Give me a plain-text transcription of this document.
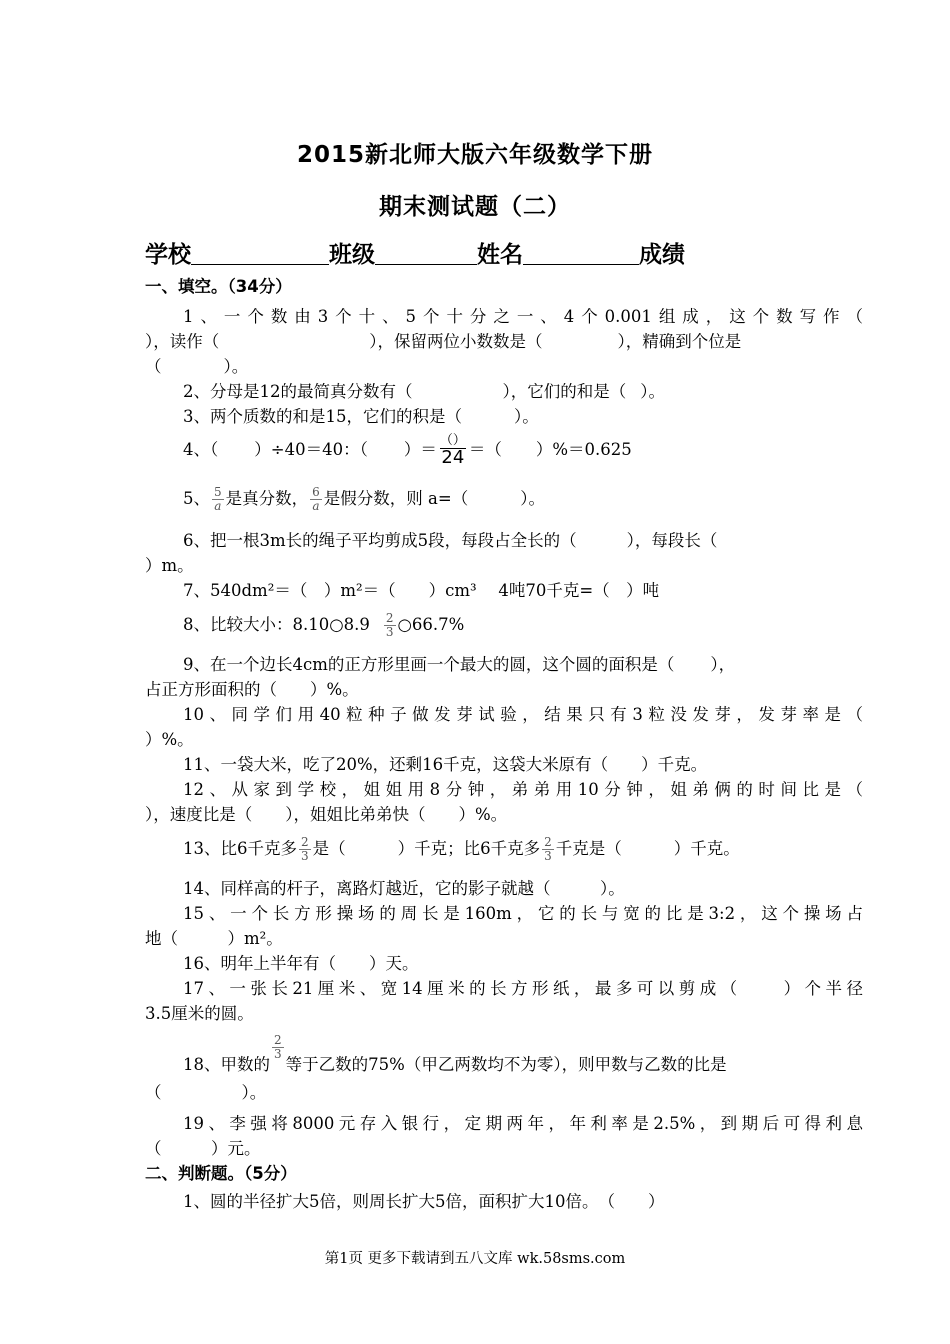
2015新北师大版六年级数学下册
期末测试题（二）
学校	班级	姓名	成绩
一、填空。（34分）
1、一个数由3个十、5个十分之一、4个0.001组成，这个数写作（
），读作（	），保留两位小数数是（	），精确到个位是
（	）。
2、分母是12的最简真分数有（	），它们的和是（ ）。
3、两个质数的和是15，它们的积是（	）。
4、（ ）÷40＝40：（ ）＝ $\frac{()}{24}$ ＝（ ）%＝0.625
5、 $\frac{5}{a}$ 是真分数， $\frac{6}{a}$ 是假分数，则 a=（	）。
6、把一根3m长的绳子平均剪成5段，每段占全长的（	），每段长（
）m。
7、540dm²＝（　）m²＝（　　）cm³　 4吨70千克=（　）吨
8、比较大小：8.10○8.9 $\frac{2}{3}$ ○66.7%
9、在一个边长4cm的正方形里画一个最大的圆，这个圆的面积是（ ），
占正方形面积的（　　）%。
10、同学们用40粒种子做发芽试验，结果只有3粒没发芽，发芽率是（
）%。
11、一袋大米，吃了20%，还剩16千克，这袋大米原有（　　）千克。
12、从家到学校，姐姐用8分钟，弟弟用10分钟，姐弟俩的时间比是（
），速度比是（　　），姐姐比弟弟快（　　）%。
13、比6千克多 $\frac{2}{3}$ 是（	）千克；比6千克多 $\frac{2}{3}$ 千克是（	）千克。
14、同样高的杆子，离路灯越近，它的影子就越（　　　）。
15、一个长方形操场的周长是160m，它的长与宽的比是3:2，这个操场占
地（　　　）m²。
16、明年上半年有（　　）天。
17、一张长21厘米、宽14厘米的长方形纸，最多可以剪成（　　）个半径
3.5厘米的圆。
18、甲数的
$\frac{2}{3}$
等于乙数的75%（甲乙两数均不为零），则甲数与乙数的比是
（	）。
19、李强将8000元存入银行，定期两年，年利率是2.5%，到期后可得利息
（　　　）元。
二、判断题。（5分）
1、圆的半径扩大5倍，则周长扩大5倍，面积扩大10倍。　（　　）
第1页 更多下载请到五八文库 wk.58sms.com
